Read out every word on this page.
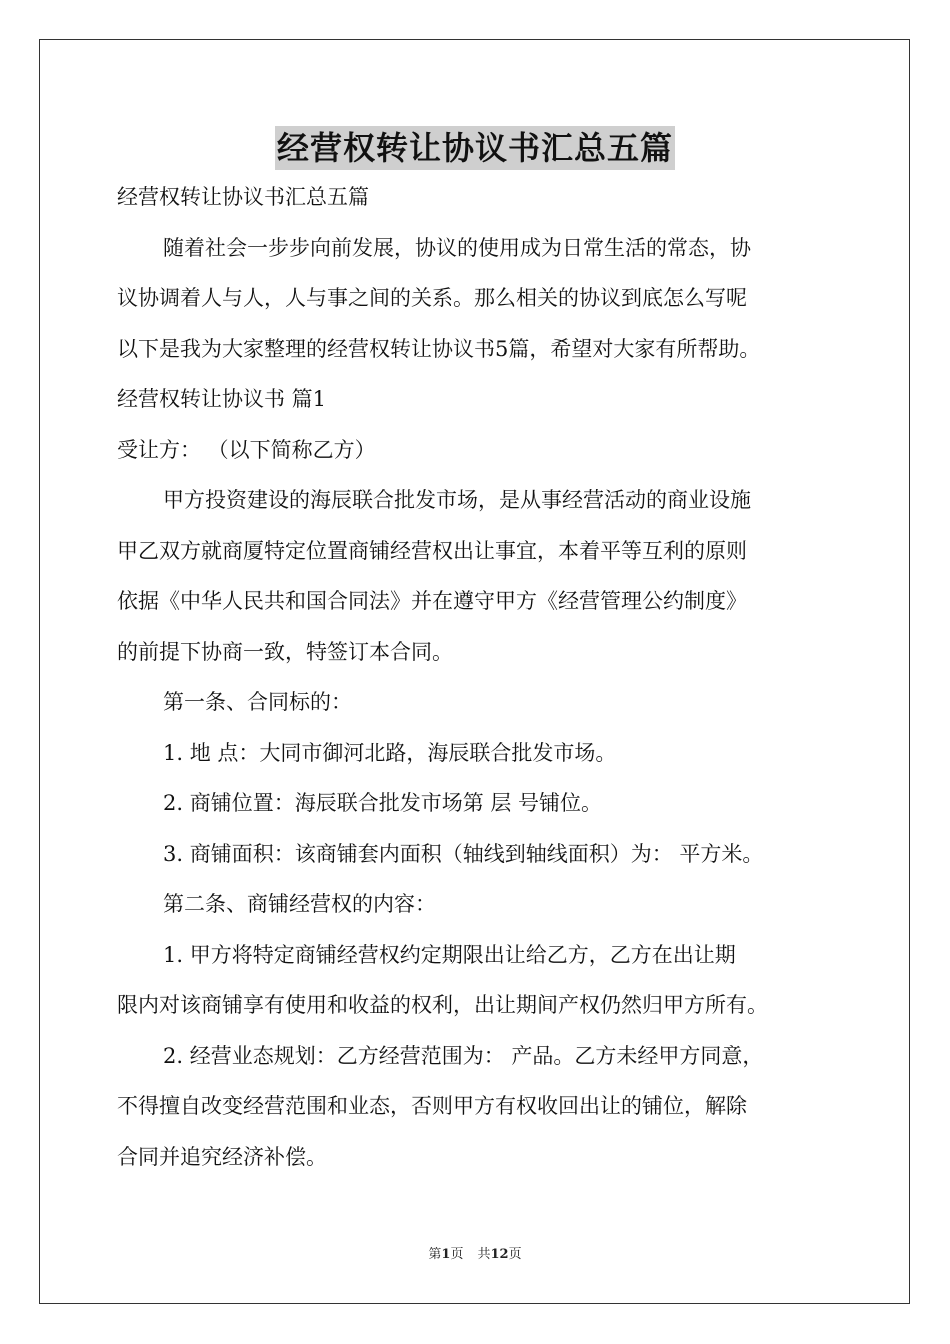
经营权转让协议书汇总五篇
经营权转让协议书汇总五篇
随着社会一步步向前发展，协议的使用成为日常生活的常态，协
议协调着人与人，人与事之间的关系。那么相关的协议到底怎么写呢
以下是我为大家整理的经营权转让协议书5篇，希望对大家有所帮助。
经营权转让协议书 篇1
受让方： （以下简称乙方）
甲方投资建设的海辰联合批发市场，是从事经营活动的商业设施
甲乙双方就商厦特定位置商铺经营权出让事宜，本着平等互利的原则
依据《中华人民共和国合同法》并在遵守甲方《经营管理公约制度》
的前提下协商一致，特签订本合同。
第一条、合同标的：
1. 地 点：大同市御河北路，海辰联合批发市场。
2. 商铺位置：海辰联合批发市场第 层 号铺位。
3. 商铺面积：该商铺套内面积（轴线到轴线面积）为： 平方米。
第二条、商铺经营权的内容：
1. 甲方将特定商铺经营权约定期限出让给乙方，乙方在出让期
限内对该商铺享有使用和收益的权利，出让期间产权仍然归甲方所有。
2. 经营业态规划：乙方经营范围为： 产品。乙方未经甲方同意，
不得擅自改变经营范围和业态，否则甲方有权收回出让的铺位，解除
合同并追究经济补偿。
第1页 共12页
